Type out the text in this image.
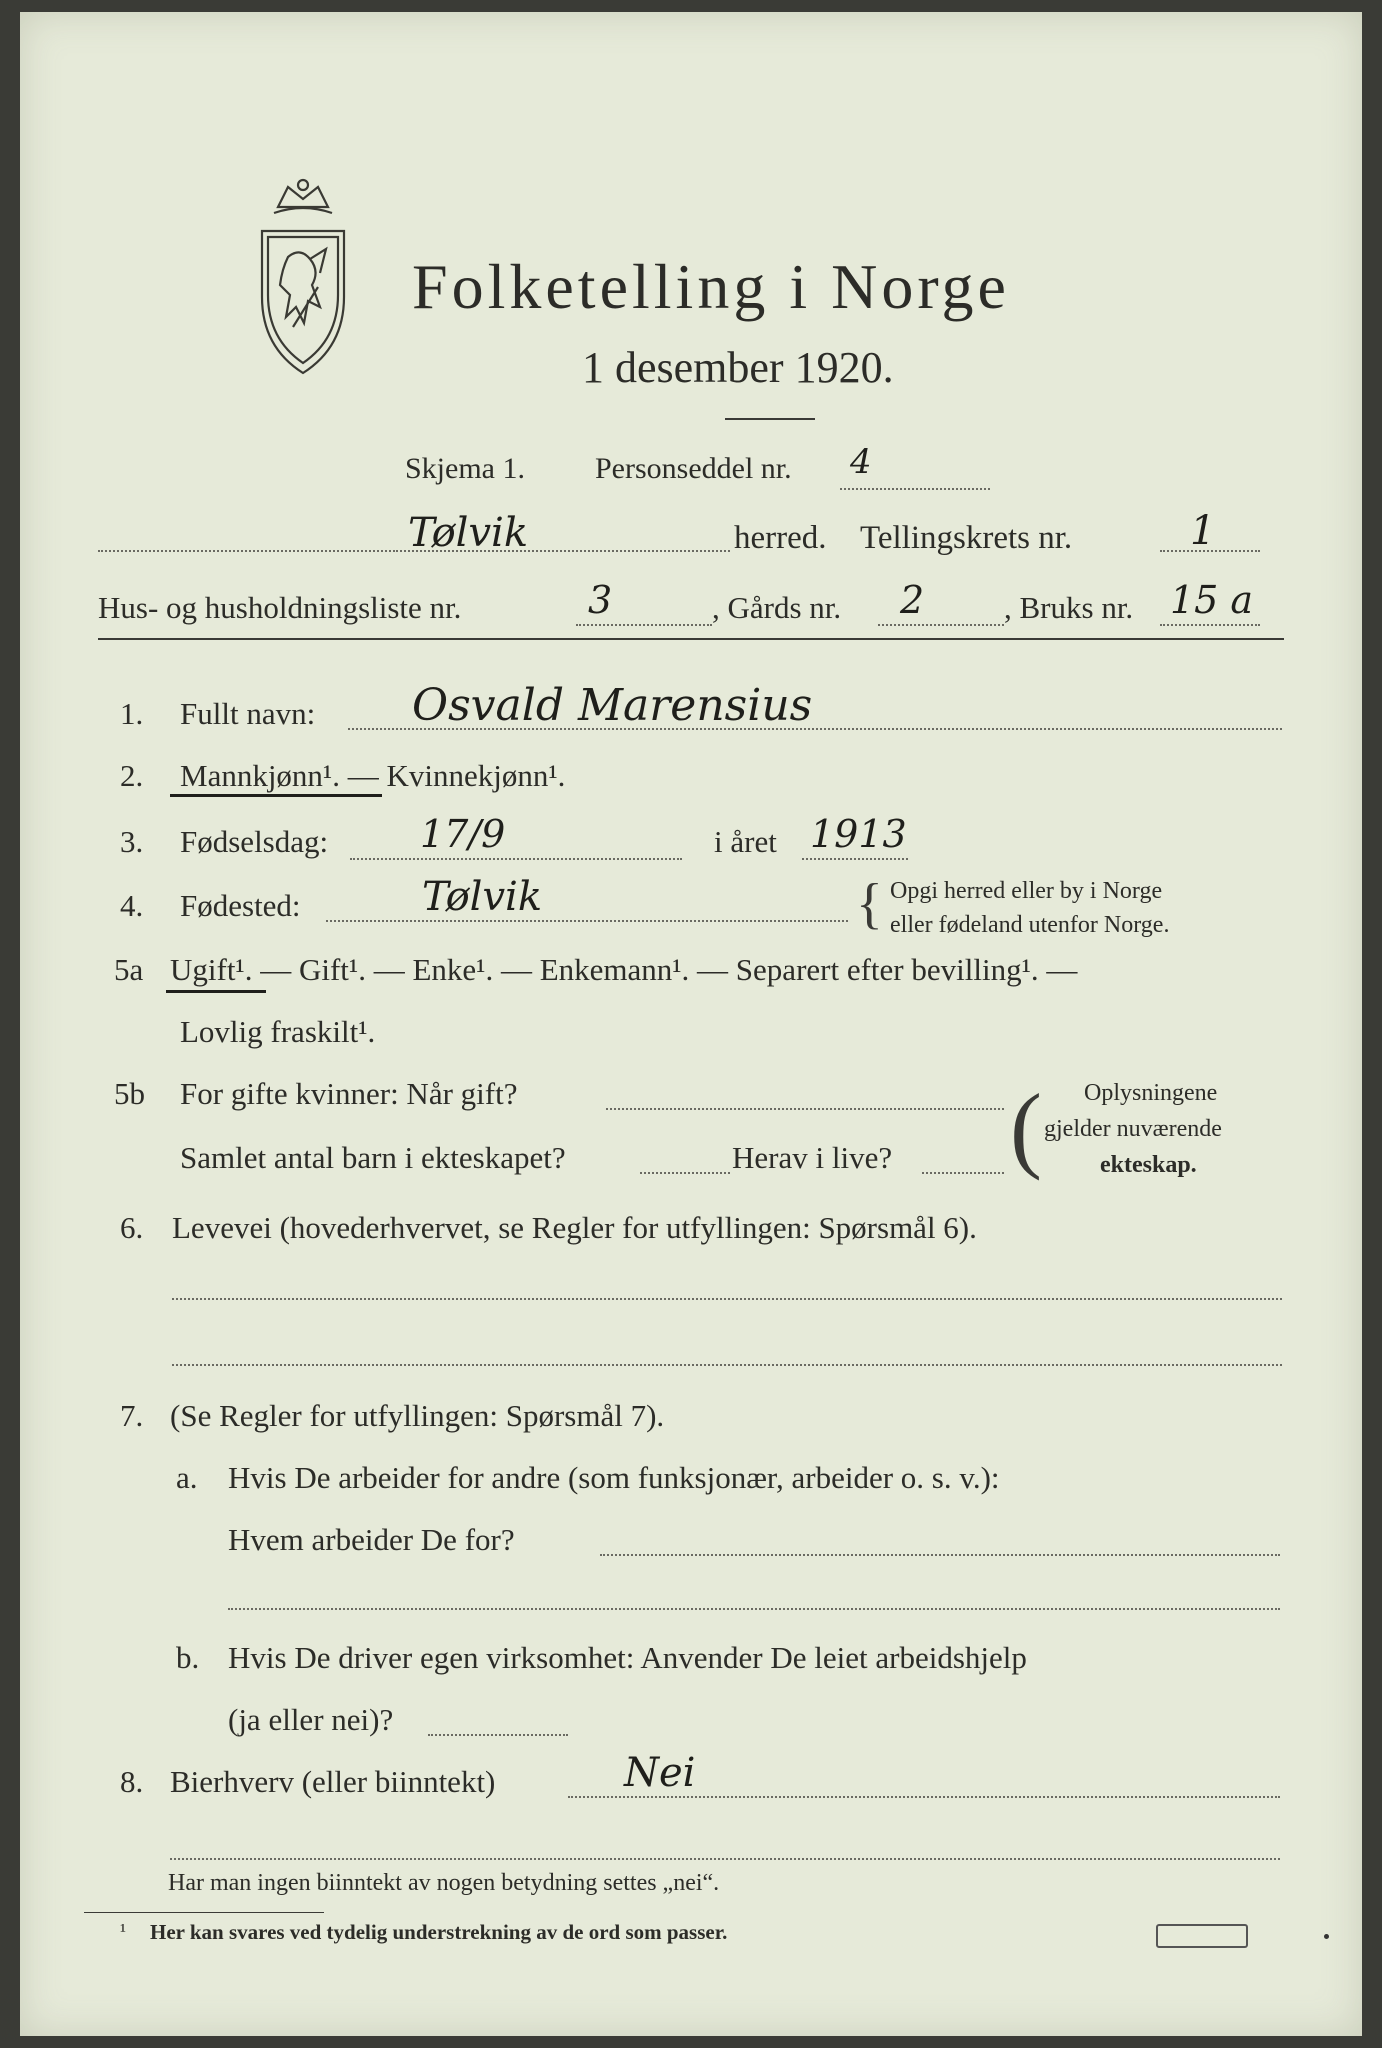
Folketelling i Norge
1 desember 1920.
Skjema 1. Personseddel nr. 4
Tølvik	herred. Tellingskrets nr.	1
Hus- og husholdningsliste nr.	3	, Gårds nr. 2	, Bruks nr. 15 a
1. Fullt navn: Osvald Marensius
2. Mannkjønn¹. — Kvinnekjønn¹.
3. Fødselsdag: 17/9	i året 1913
4. Fødested:	Tølvik	{ Opgi herred eller by i Norge
eller fødeland utenfor Norge.
5a Ugift¹. — Gift¹. — Enke¹. — Enkemann¹. — Separert efter bevilling¹. —
Lovlig fraskilt¹.
5b For gifte kvinner: Når gift?
Samlet antal barn i ekteskapet?	Herav i live? ( Oplysningene
gjelder nuværende
ekteskap.
6. Levevei (hovederhvervet, se Regler for utfyllingen: Spørsmål 6).
7. (Se Regler for utfyllingen: Spørsmål 7).
a. Hvis De arbeider for andre (som funksjonær, arbeider o. s. v.):
Hvem arbeider De for?
b. Hvis De driver egen virksomhet: Anvender De leiet arbeidshjelp
(ja eller nei)?
8. Bierhverv (eller biinntekt)	Nei
Har man ingen biinntekt av nogen betydning settes „nei“.
¹ Her kan svares ved tydelig understrekning av de ord som passer.
